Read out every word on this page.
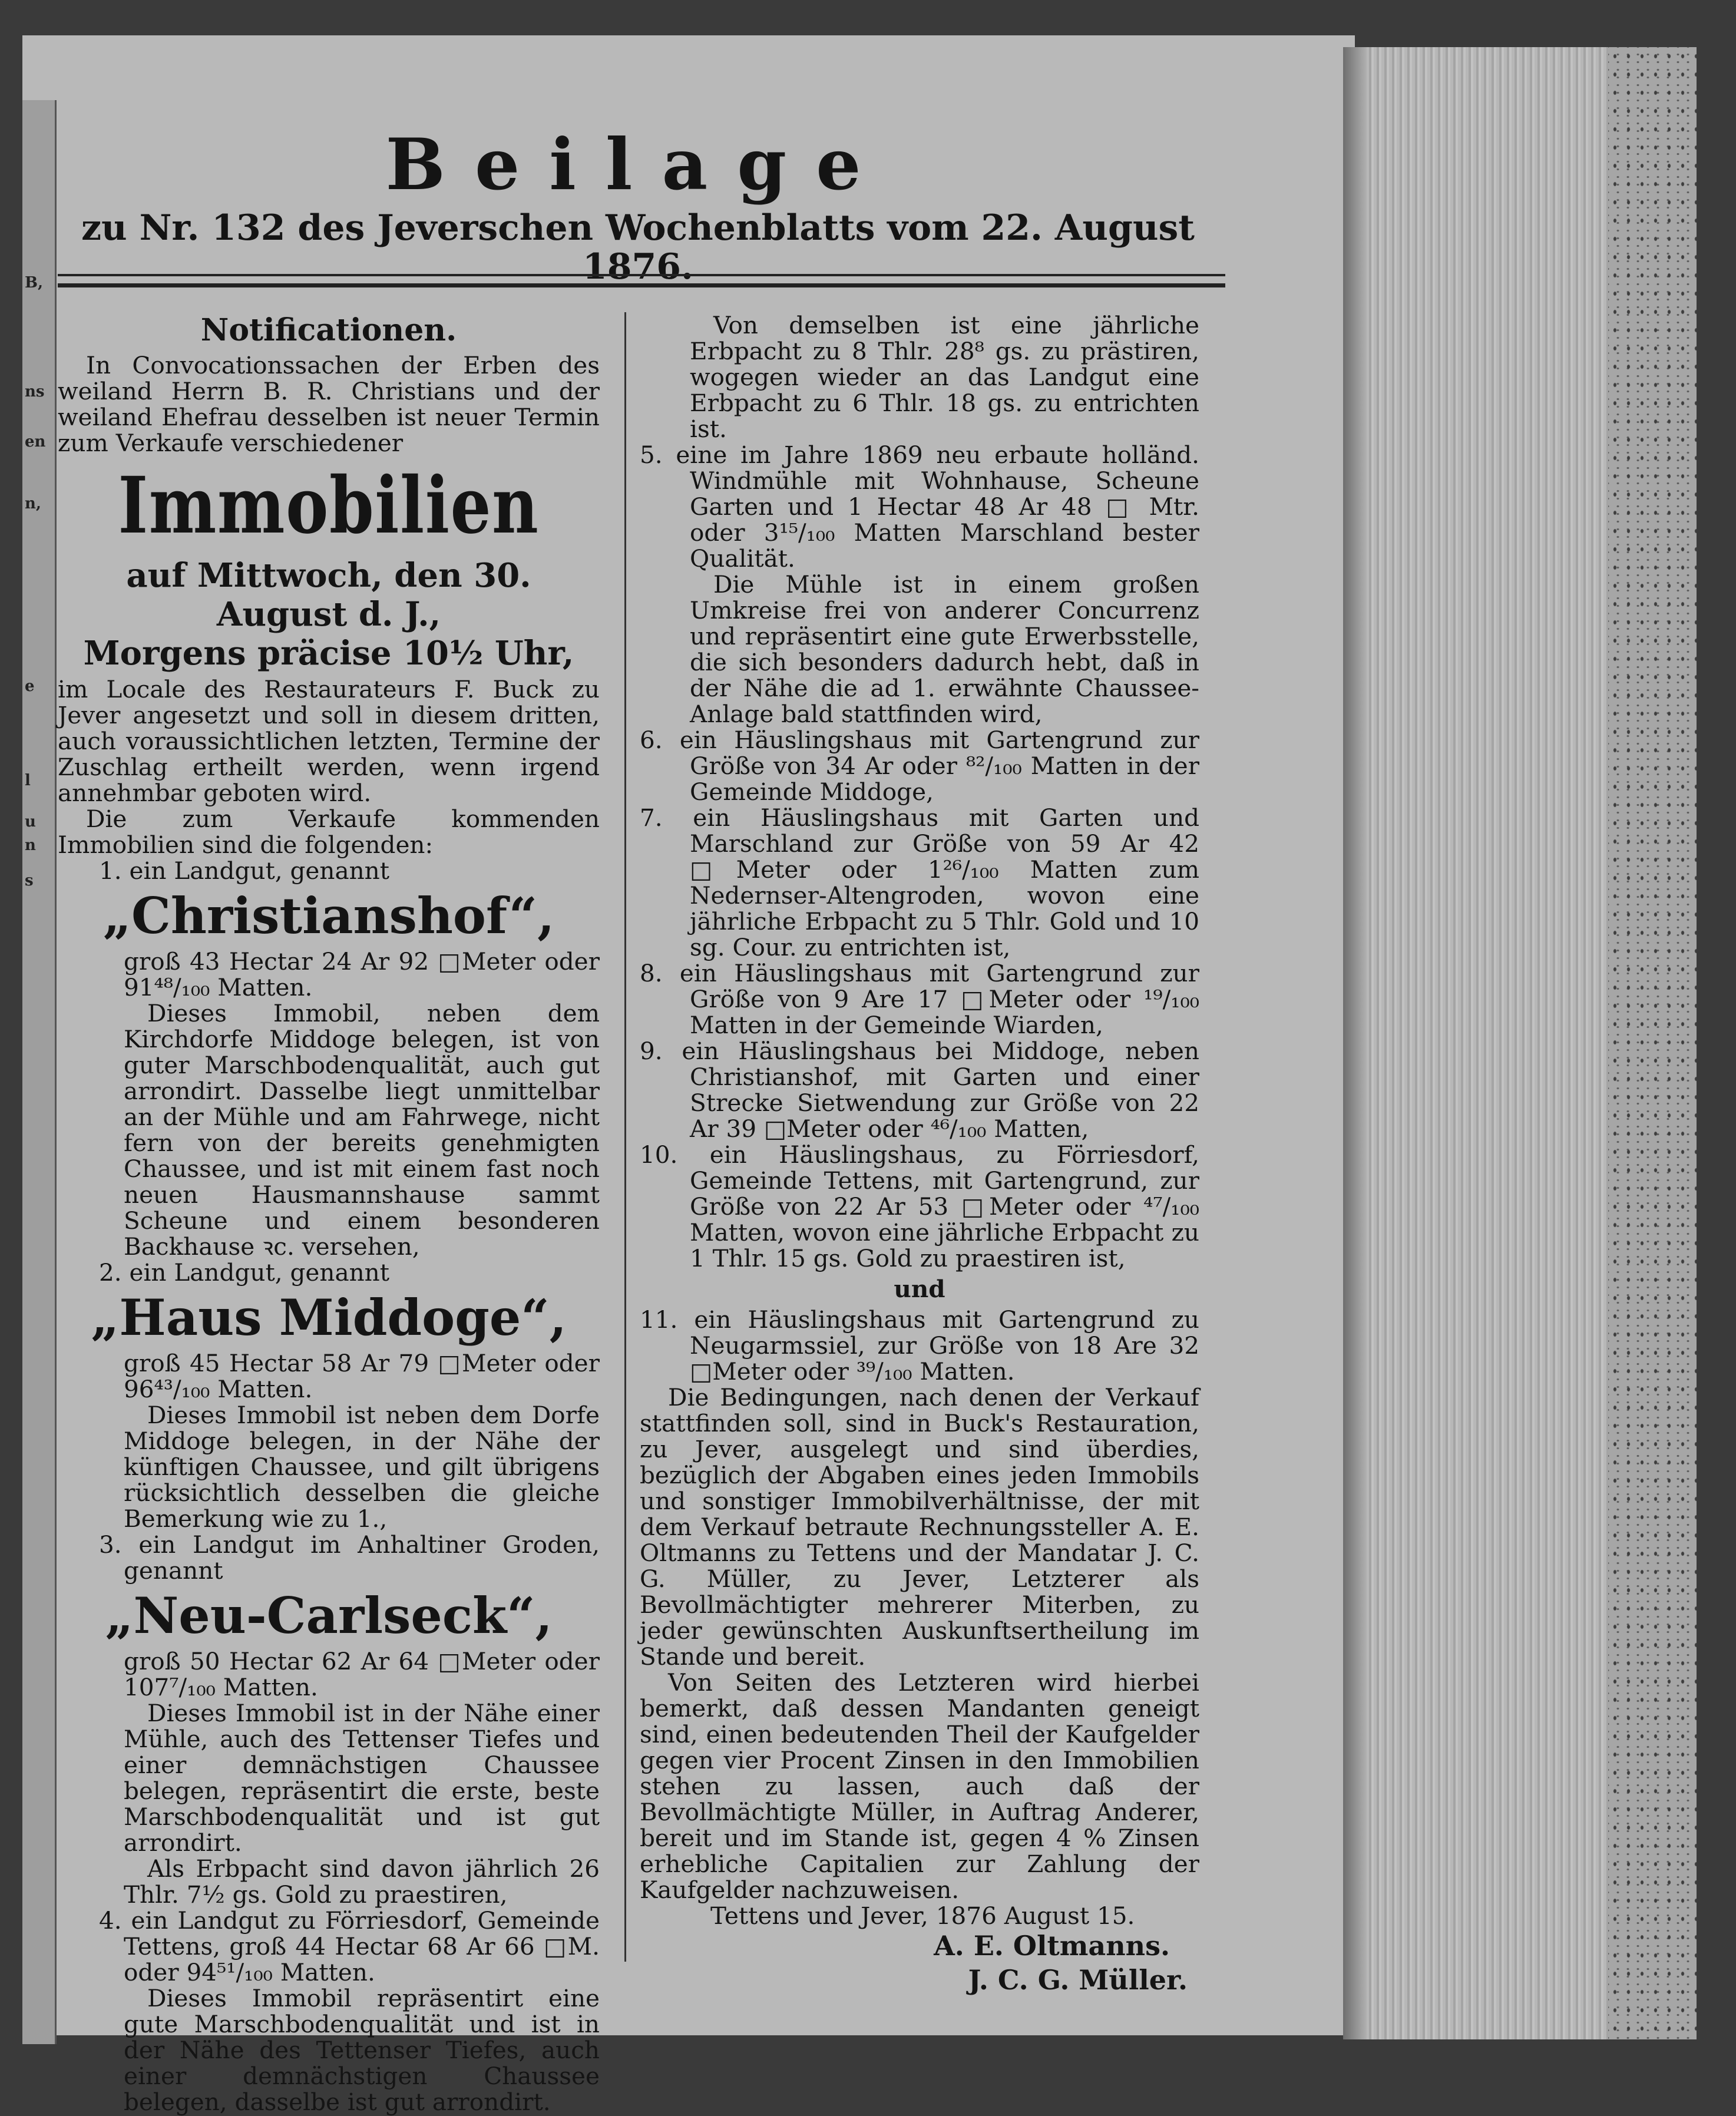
B,
ns
en
n,
e
l
u
n
s
Beilage
zu Nr. 132 des Jeverschen Wochenblatts vom 22. August 1876.

Notificationen.

In Convocationssachen der Erben des weiland Herrn B. R. Christians und der weiland Ehefrau desselben ist neuer Termin zum Verkaufe verschiedener

Immobilien

auf Mittwoch, den 30. August d. J.,

Morgens präcise 10½ Uhr,

im Locale des Restaurateurs F. Buck zu Jever angesetzt und soll in diesem dritten, auch voraussichtlichen letzten, Termine der Zuschlag ertheilt werden, wenn irgend annehmbar geboten wird.

Die zum Verkaufe kommenden Immobilien sind die folgenden:

1. ein Landgut, genannt

„Christianshof“,

groß 43 Hectar 24 Ar 92 □Meter oder 91⁴⁸/₁₀₀ Matten.

Dieses Immobil, neben dem Kirchdorfe Middoge belegen, ist von guter Marschbodenqualität, auch gut arrondirt. Dasselbe liegt unmittelbar an der Mühle und am Fahrwege, nicht fern von der bereits genehmigten Chaussee, und ist mit einem fast noch neuen Hausmannshause sammt Scheune und einem besonderen Backhause ꝛc. versehen,

2. ein Landgut, genannt

„Haus Middoge“,

groß 45 Hectar 58 Ar 79 □Meter oder 96⁴³/₁₀₀ Matten.

Dieses Immobil ist neben dem Dorfe Middoge belegen, in der Nähe der künftigen Chaussee, und gilt übrigens rücksichtlich desselben die gleiche Bemerkung wie zu 1.,

3. ein Landgut im Anhaltiner Groden, genannt

„Neu-Carlseck“,

groß 50 Hectar 62 Ar 64 □Meter oder 107⁷/₁₀₀ Matten.

Dieses Immobil ist in der Nähe einer Mühle, auch des Tettenser Tiefes und einer demnächstigen Chaussee belegen, repräsentirt die erste, beste Marschbodenqualität und ist gut arrondirt.

Als Erbpacht sind davon jährlich 26 Thlr. 7½ gs. Gold zu praestiren,

4. ein Landgut zu Förriesdorf, Gemeinde Tettens, groß 44 Hectar 68 Ar 66 □M. oder 94⁵¹/₁₀₀ Matten.

Dieses Immobil repräsentirt eine gute Marschbodenqualität und ist in der Nähe des Tettenser Tiefes, auch einer demnächstigen Chaussee belegen, dasselbe ist gut arrondirt.

Von demselben ist eine jährliche Erbpacht zu 8 Thlr. 28⁸ gs. zu prästiren, wogegen wieder an das Landgut eine Erbpacht zu 6 Thlr. 18 gs. zu entrichten ist.

5. eine im Jahre 1869 neu erbaute holländ. Windmühle mit Wohnhause, Scheune Garten und 1 Hectar 48 Ar 48 □ Mtr. oder 3¹⁵/₁₀₀ Matten Marschland bester Qualität.

Die Mühle ist in einem großen Umkreise frei von anderer Concurrenz und repräsentirt eine gute Erwerbsstelle, die sich besonders dadurch hebt, daß in der Nähe die ad 1. erwähnte Chaussee-Anlage bald stattfinden wird,

6. ein Häuslingshaus mit Gartengrund zur Größe von 34 Ar oder ⁸²/₁₀₀ Matten in der Gemeinde Middoge,

7. ein Häuslingshaus mit Garten und Marschland zur Größe von 59 Ar 42 □Meter oder 1²⁶/₁₀₀ Matten zum Nedernser-Altengroden, wovon eine jährliche Erbpacht zu 5 Thlr. Gold und 10 sg. Cour. zu entrichten ist,

8. ein Häuslingshaus mit Gartengrund zur Größe von 9 Are 17 □Meter oder ¹⁹/₁₀₀ Matten in der Gemeinde Wiarden,

9. ein Häuslingshaus bei Middoge, neben Christianshof, mit Garten und einer Strecke Sietwendung zur Größe von 22 Ar 39 □Meter oder ⁴⁶/₁₀₀ Matten,

10. ein Häuslingshaus, zu Förriesdorf, Gemeinde Tettens, mit Gartengrund, zur Größe von 22 Ar 53 □Meter oder ⁴⁷/₁₀₀ Matten, wovon eine jährliche Erbpacht zu 1 Thlr. 15 gs. Gold zu praestiren ist,

und

11. ein Häuslingshaus mit Gartengrund zu Neugarmssiel, zur Größe von 18 Are 32 □Meter oder ³⁹/₁₀₀ Matten.

Die Bedingungen, nach denen der Verkauf stattfinden soll, sind in Buck's Restauration, zu Jever, ausgelegt und sind überdies, bezüglich der Abgaben eines jeden Immobils und sonstiger Immobilverhältnisse, der mit dem Verkauf betraute Rechnungssteller A. E. Oltmanns zu Tettens und der Mandatar J. C. G. Müller, zu Jever, Letzterer als Bevollmächtigter mehrerer Miterben, zu jeder gewünschten Auskunftsertheilung im Stande und bereit.

Von Seiten des Letzteren wird hierbei bemerkt, daß dessen Mandanten geneigt sind, einen bedeutenden Theil der Kaufgelder gegen vier Procent Zinsen in den Immobilien stehen zu lassen, auch daß der Bevollmächtigte Müller, in Auftrag Anderer, bereit und im Stande ist, gegen 4 % Zinsen erhebliche Capitalien zur Zahlung der Kaufgelder nachzuweisen.

Tettens und Jever, 1876 August 15.

A. E. Oltmanns.

J. C. G. Müller.
